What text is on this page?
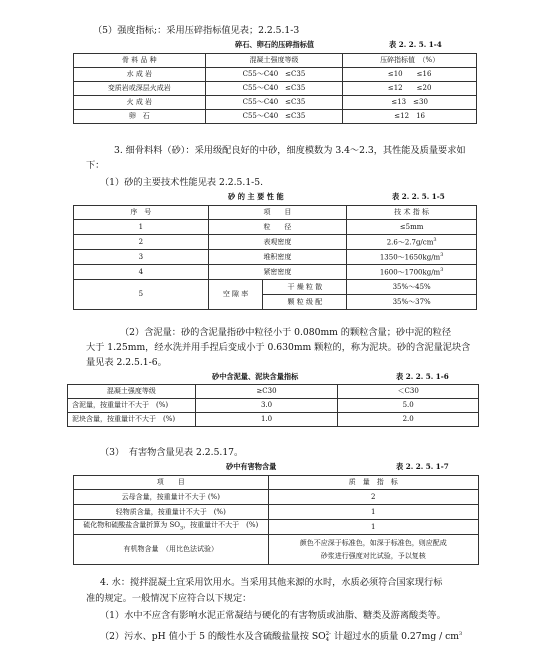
（5）强度指标;：采用压碎指标值见表；2.2.5.1-3
碎石、卵石的压碎指标值	表 2. 2. 5. 1-4
骨 料 品 种	混凝土强度等级	压碎指标值　（%）
水 成 岩	C55～C40　≤C35	≤10　　≤16
变质岩或深层火成岩	C55～C40　≤C35	≤12　　≤20
火 成 岩	C55～C40　≤C35	≤13　≤30
卵　石	C55～C40　≤C35	≤12　16
3. 细骨料料（砂）：采用级配良好的中砂，细度模数为 3.4～2.3，其性能及质量要求如
下：
（1）砂的主要技术性能见表 2.2.5.1-5.
砂 的 主 要 性 能	表 2. 2. 5. 1-5
序　号	项　　目		技 术 指 标
1	粒　　径		≤5mm
2	表观密度		$2.6\sim 2.7g/cm^3$
3	堆积密度		$1350\sim 1650kg/m^3$
4	紧密密度		$1600\sim 1700kg/m^3$
5	空 隙 率	干 燥 粒 散	35%～45%
		颗 粒 级 配	35%～37%
（2）含泥量：砂的含泥量指砂中粒径小于 0.080mm 的颗粒含量；砂中泥的粒径
大于 1.25mm，经水洗并用手捏后变成小于 0.630mm 颗粒的，称为泥块。砂的含泥量泥块含
量见表 2.2.5.1-6。
砂中含泥量、泥块含量指标	表 2. 2. 5. 1-6
混凝土强度等级	≥C30	＜C30
含泥量，按重量计不大于　(%)	3.0	5.0
泥块含量，按重量计不大于　(%)	1.0	2.0
（3）　有害物含量见表 2.2.5.17。
砂中有害物含量	表 2. 2. 5. 1-7
项　　目	质　量　指　标
云母含量，按重量计不大于 (%)	2
轻物质含量，按重量计不大于　(%)	1
硫化物和硫酸盐含量折算为 $SO_3$，按重量计不大于　(%)	1
有机物含量　（用比色法试验）	颜色不应深于标准色，如深于标准色，则应配成
砂浆进行强度对比试验，予以复核
4. 水：搅拌混凝土宜采用饮用水。当采用其他来源的水时，水质必须符合国家现行标
准的规定。一般情况下应符合以下规定：
（1）水中不应含有影响水泥正常凝结与硬化的有害物质或油脂、糖类及游离酸类等。
（2）污水、pH 值小于 5 的酸性水及含硫酸盐量按 SO 2-
4 计超过水的质量 $0.27mg / cm^3$
